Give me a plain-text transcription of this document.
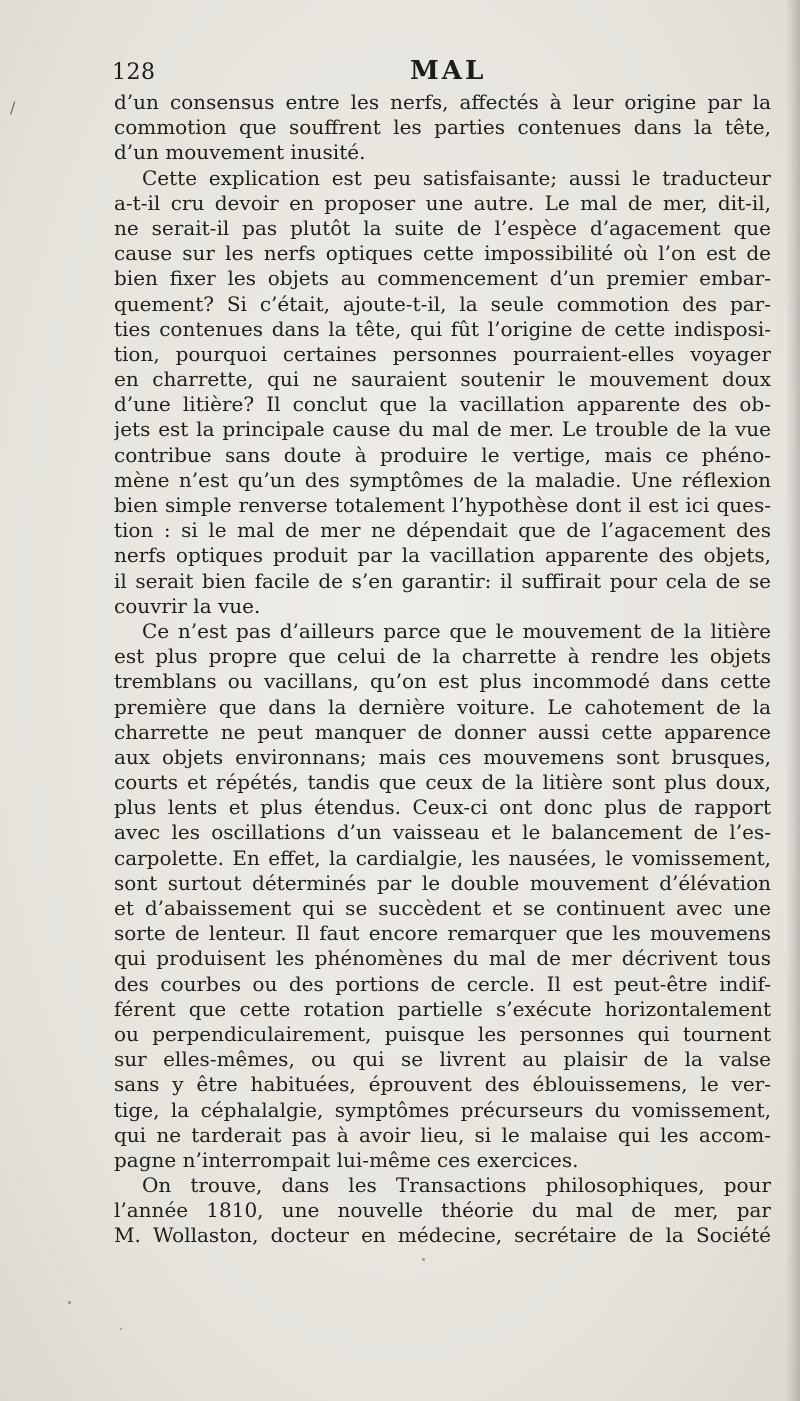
/
128	MAL
d’un consensus entre les nerfs, affectés à leur origine par la
commotion que souffrent les parties contenues dans la tête,
d’un mouvement inusité.
Cette explication est peu satisfaisante; aussi le traducteur
a-t-il cru devoir en proposer une autre. Le mal de mer, dit-il,
ne serait-il pas plutôt la suite de l’espèce d’agacement que
cause sur les nerfs optiques cette impossibilité où l’on est de
bien fixer les objets au commencement d’un premier embar-
quement? Si c’était, ajoute-t-il, la seule commotion des par-
ties contenues dans la tête, qui fût l’origine de cette indisposi-
tion, pourquoi certaines personnes pourraient-elles voyager
en charrette, qui ne sauraient soutenir le mouvement doux
d’une litière? Il conclut que la vacillation apparente des ob-
jets est la principale cause du mal de mer. Le trouble de la vue
contribue sans doute à produire le vertige, mais ce phéno-
mène n’est qu’un des symptômes de la maladie. Une réflexion
bien simple renverse totalement l’hypothèse dont il est ici ques-
tion : si le mal de mer ne dépendait que de l’agacement des
nerfs optiques produit par la vacillation apparente des objets,
il serait bien facile de s’en garantir: il suffirait pour cela de se
couvrir la vue.
Ce n’est pas d’ailleurs parce que le mouvement de la litière
est plus propre que celui de la charrette à rendre les objets
tremblans ou vacillans, qu’on est plus incommodé dans cette
première que dans la dernière voiture. Le cahotement de la
charrette ne peut manquer de donner aussi cette apparence
aux objets environnans; mais ces mouvemens sont brusques,
courts et répétés, tandis que ceux de la litière sont plus doux,
plus lents et plus étendus. Ceux-ci ont donc plus de rapport
avec les oscillations d’un vaisseau et le balancement de l’es-
carpolette. En effet, la cardialgie, les nausées, le vomissement,
sont surtout déterminés par le double mouvement d’élévation
et d’abaissement qui se succèdent et se continuent avec une
sorte de lenteur. Il faut encore remarquer que les mouvemens
qui produisent les phénomènes du mal de mer décrivent tous
des courbes ou des portions de cercle. Il est peut-être indif-
férent que cette rotation partielle s’exécute horizontalement
ou perpendiculairement, puisque les personnes qui tournent
sur elles-mêmes, ou qui se livrent au plaisir de la valse
sans y être habituées, éprouvent des éblouissemens, le ver-
tige, la céphalalgie, symptômes précurseurs du vomissement,
qui ne tarderait pas à avoir lieu, si le malaise qui les accom-
pagne n’interrompait lui-même ces exercices.
On trouve, dans les Transactions philosophiques, pour
l’année 1810, une nouvelle théorie du mal de mer, par
M. Wollaston, docteur en médecine, secrétaire de la Société
